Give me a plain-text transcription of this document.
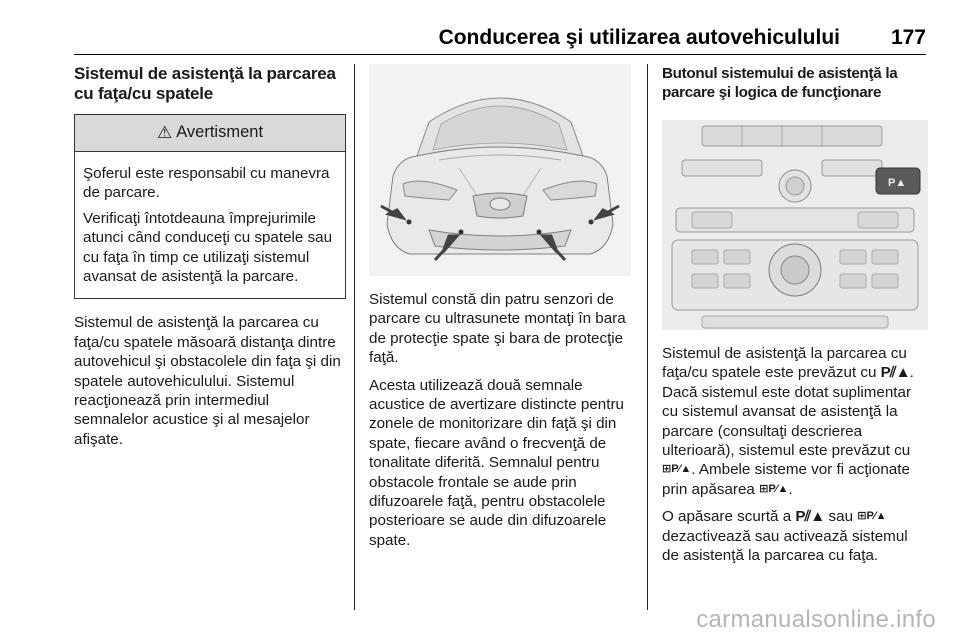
Conducerea şi utilizarea autovehiculului 177
Sistemul de asistenţă la parcarea cu faţa/cu spatele
⚠ Avertisment

Şoferul este responsabil cu manevra de parcare.

Verificaţi întotdeauna împrejurimile atunci când conduceţi cu spatele sau cu faţa în timp ce utilizaţi sistemul avansat de asistenţă la parcare.

Sistemul de asistenţă la parcarea cu faţa/cu spatele măsoară distanţa dintre autovehicul şi obstacolele din faţa şi din spatele autovehiculului. Sistemul reacţionează prin intermediul semnalelor acustice şi al mesajelor afişate.

Sistemul constă din patru senzori de parcare cu ultrasunete montaţi în bara de protecţie spate şi bara de protecţie faţă.

Acesta utilizează două semnale acustice de avertizare distincte pentru zonele de monitorizare din faţă şi din spate, fiecare având o frecvenţă de tonalitate diferită. Semnalul pentru obstacole frontale se aude prin difuzoarele faţă, pentru obstacolele posterioare se aude din difuzoarele spate.

Butonul sistemului de asistenţă la parcare şi logica de funcţionare
P▲

Sistemul de asistenţă la parcarea cu faţa/cu spatele este prevăzut cu P⫽▲. Dacă sistemul este dotat suplimentar cu sistemul avansat de asistenţă la parcare (consultaţi descrierea ulterioară), sistemul este prevăzut cu ⊞P⁄▲. Ambele sisteme vor fi acţionate prin apăsarea ⊞P⁄▲.

O apăsare scurtă a P⫽▲ sau ⊞P⁄▲ dezactivează sau activează sistemul de asistenţă la parcarea cu faţa.

carmanualsonline.info
